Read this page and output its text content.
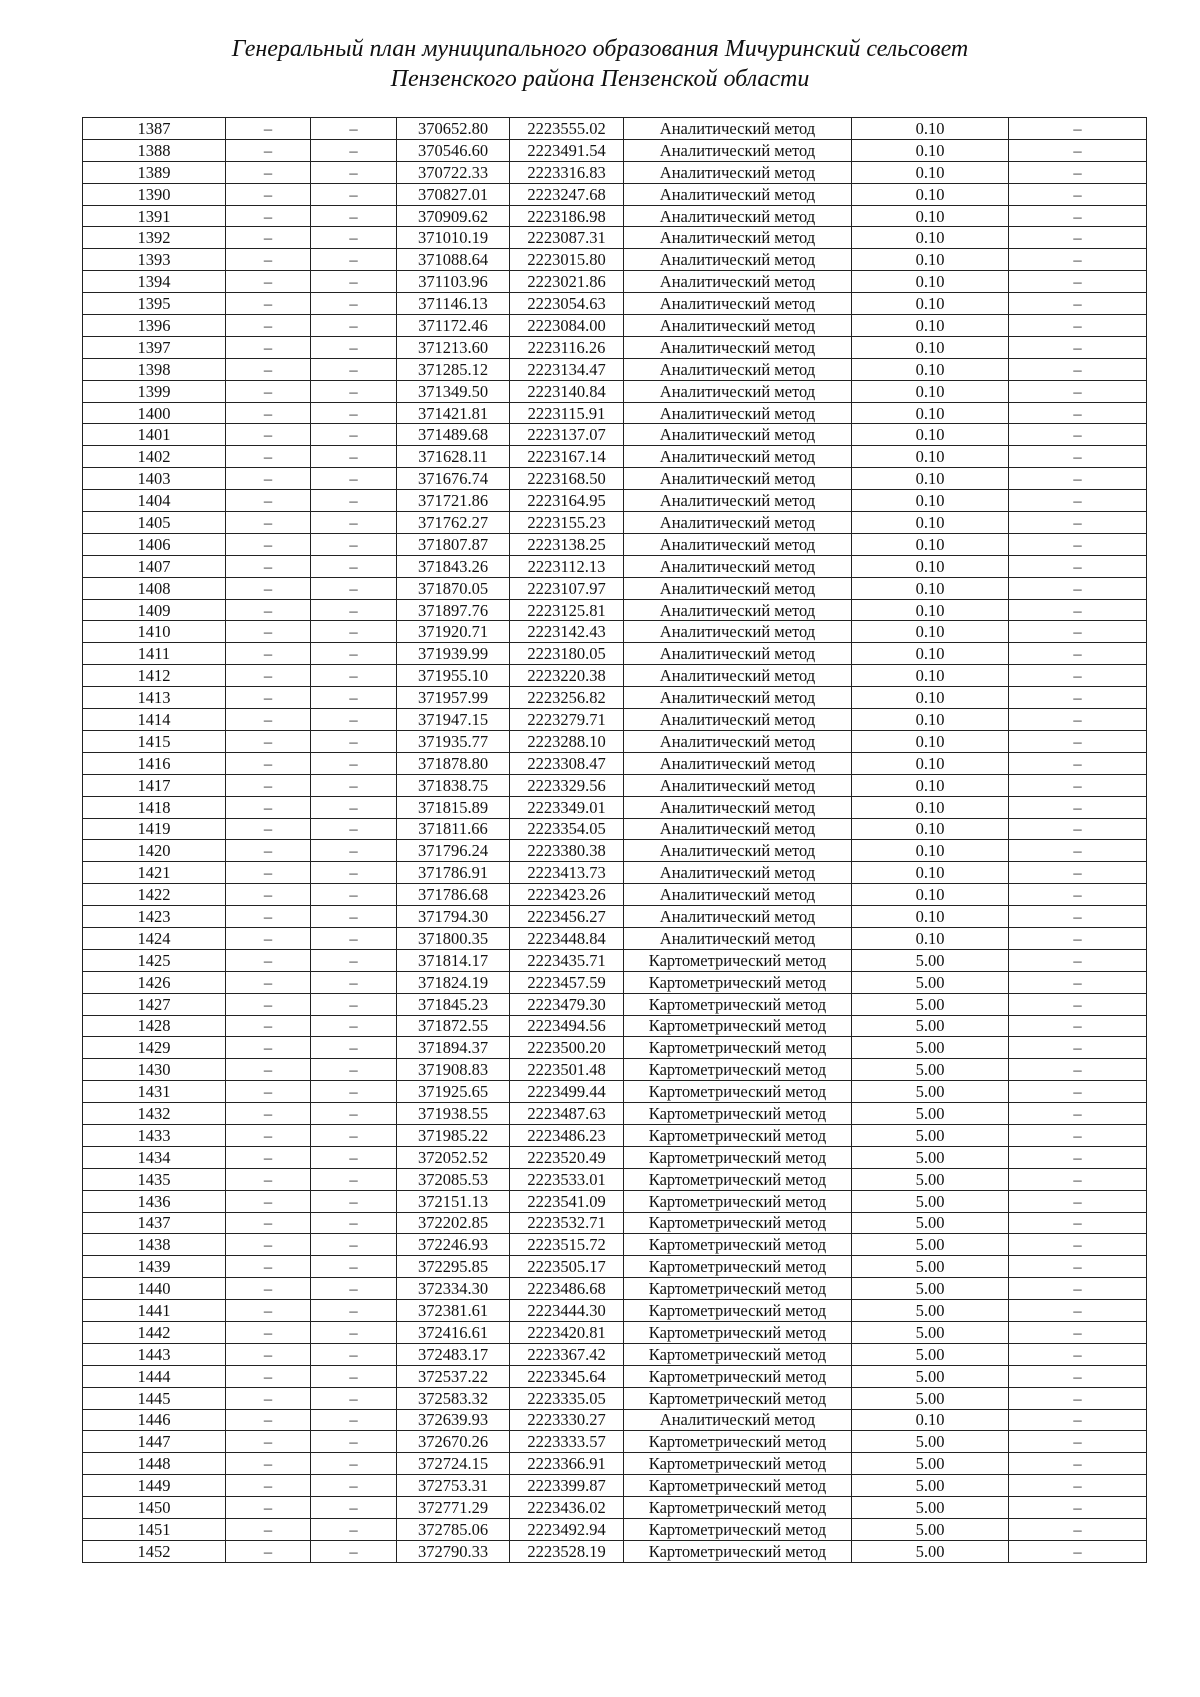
Генеральный план муниципального образования Мичуринский сельсовет
Пензенского района Пензенской области
1387	–	–	370652.80	2223555.02	Аналитический метод	0.10	–
1388	–	–	370546.60	2223491.54	Аналитический метод	0.10	–
1389	–	–	370722.33	2223316.83	Аналитический метод	0.10	–
1390	–	–	370827.01	2223247.68	Аналитический метод	0.10	–
1391	–	–	370909.62	2223186.98	Аналитический метод	0.10	–
1392	–	–	371010.19	2223087.31	Аналитический метод	0.10	–
1393	–	–	371088.64	2223015.80	Аналитический метод	0.10	–
1394	–	–	371103.96	2223021.86	Аналитический метод	0.10	–
1395	–	–	371146.13	2223054.63	Аналитический метод	0.10	–
1396	–	–	371172.46	2223084.00	Аналитический метод	0.10	–
1397	–	–	371213.60	2223116.26	Аналитический метод	0.10	–
1398	–	–	371285.12	2223134.47	Аналитический метод	0.10	–
1399	–	–	371349.50	2223140.84	Аналитический метод	0.10	–
1400	–	–	371421.81	2223115.91	Аналитический метод	0.10	–
1401	–	–	371489.68	2223137.07	Аналитический метод	0.10	–
1402	–	–	371628.11	2223167.14	Аналитический метод	0.10	–
1403	–	–	371676.74	2223168.50	Аналитический метод	0.10	–
1404	–	–	371721.86	2223164.95	Аналитический метод	0.10	–
1405	–	–	371762.27	2223155.23	Аналитический метод	0.10	–
1406	–	–	371807.87	2223138.25	Аналитический метод	0.10	–
1407	–	–	371843.26	2223112.13	Аналитический метод	0.10	–
1408	–	–	371870.05	2223107.97	Аналитический метод	0.10	–
1409	–	–	371897.76	2223125.81	Аналитический метод	0.10	–
1410	–	–	371920.71	2223142.43	Аналитический метод	0.10	–
1411	–	–	371939.99	2223180.05	Аналитический метод	0.10	–
1412	–	–	371955.10	2223220.38	Аналитический метод	0.10	–
1413	–	–	371957.99	2223256.82	Аналитический метод	0.10	–
1414	–	–	371947.15	2223279.71	Аналитический метод	0.10	–
1415	–	–	371935.77	2223288.10	Аналитический метод	0.10	–
1416	–	–	371878.80	2223308.47	Аналитический метод	0.10	–
1417	–	–	371838.75	2223329.56	Аналитический метод	0.10	–
1418	–	–	371815.89	2223349.01	Аналитический метод	0.10	–
1419	–	–	371811.66	2223354.05	Аналитический метод	0.10	–
1420	–	–	371796.24	2223380.38	Аналитический метод	0.10	–
1421	–	–	371786.91	2223413.73	Аналитический метод	0.10	–
1422	–	–	371786.68	2223423.26	Аналитический метод	0.10	–
1423	–	–	371794.30	2223456.27	Аналитический метод	0.10	–
1424	–	–	371800.35	2223448.84	Аналитический метод	0.10	–
1425	–	–	371814.17	2223435.71	Картометрический метод	5.00	–
1426	–	–	371824.19	2223457.59	Картометрический метод	5.00	–
1427	–	–	371845.23	2223479.30	Картометрический метод	5.00	–
1428	–	–	371872.55	2223494.56	Картометрический метод	5.00	–
1429	–	–	371894.37	2223500.20	Картометрический метод	5.00	–
1430	–	–	371908.83	2223501.48	Картометрический метод	5.00	–
1431	–	–	371925.65	2223499.44	Картометрический метод	5.00	–
1432	–	–	371938.55	2223487.63	Картометрический метод	5.00	–
1433	–	–	371985.22	2223486.23	Картометрический метод	5.00	–
1434	–	–	372052.52	2223520.49	Картометрический метод	5.00	–
1435	–	–	372085.53	2223533.01	Картометрический метод	5.00	–
1436	–	–	372151.13	2223541.09	Картометрический метод	5.00	–
1437	–	–	372202.85	2223532.71	Картометрический метод	5.00	–
1438	–	–	372246.93	2223515.72	Картометрический метод	5.00	–
1439	–	–	372295.85	2223505.17	Картометрический метод	5.00	–
1440	–	–	372334.30	2223486.68	Картометрический метод	5.00	–
1441	–	–	372381.61	2223444.30	Картометрический метод	5.00	–
1442	–	–	372416.61	2223420.81	Картометрический метод	5.00	–
1443	–	–	372483.17	2223367.42	Картометрический метод	5.00	–
1444	–	–	372537.22	2223345.64	Картометрический метод	5.00	–
1445	–	–	372583.32	2223335.05	Картометрический метод	5.00	–
1446	–	–	372639.93	2223330.27	Аналитический метод	0.10	–
1447	–	–	372670.26	2223333.57	Картометрический метод	5.00	–
1448	–	–	372724.15	2223366.91	Картометрический метод	5.00	–
1449	–	–	372753.31	2223399.87	Картометрический метод	5.00	–
1450	–	–	372771.29	2223436.02	Картометрический метод	5.00	–
1451	–	–	372785.06	2223492.94	Картометрический метод	5.00	–
1452	–	–	372790.33	2223528.19	Картометрический метод	5.00	–
